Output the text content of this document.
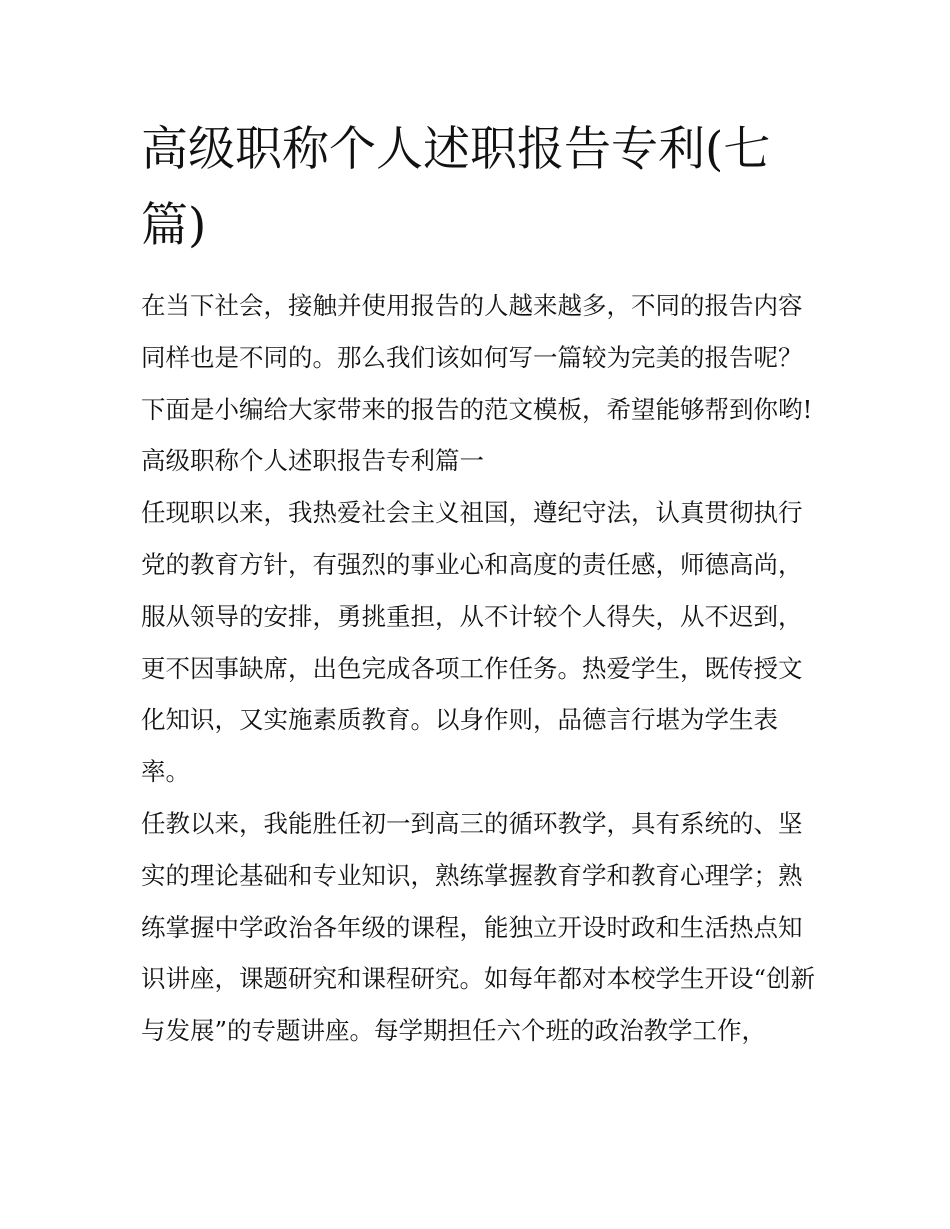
高级职称个人述职报告专利(七篇)

在当下社会，接触并使用报告的人越来越多，不同的报告内容同样也是不同的。那么我们该如何写一篇较为完美的报告呢？下面是小编给大家带来的报告的范文模板，希望能够帮到你哟!

高级职称个人述职报告专利篇一

任现职以来，我热爱社会主义祖国，遵纪守法，认真贯彻执行党的教育方针，有强烈的事业心和高度的责任感，师德高尚，服从领导的安排，勇挑重担，从不计较个人得失，从不迟到，更不因事缺席，出色完成各项工作任务。热爱学生，既传授文化知识，又实施素质教育。以身作则，品德言行堪为学生表率。

任教以来，我能胜任初一到高三的循环教学，具有系统的、坚实的理论基础和专业知识，熟练掌握教育学和教育心理学；熟练掌握中学政治各年级的课程，能独立开设时政和生活热点知识讲座，课题研究和课程研究。如每年都对本校学生开设“创新与发展”的专题讲座。每学期担任六个班的政治教学工作，
